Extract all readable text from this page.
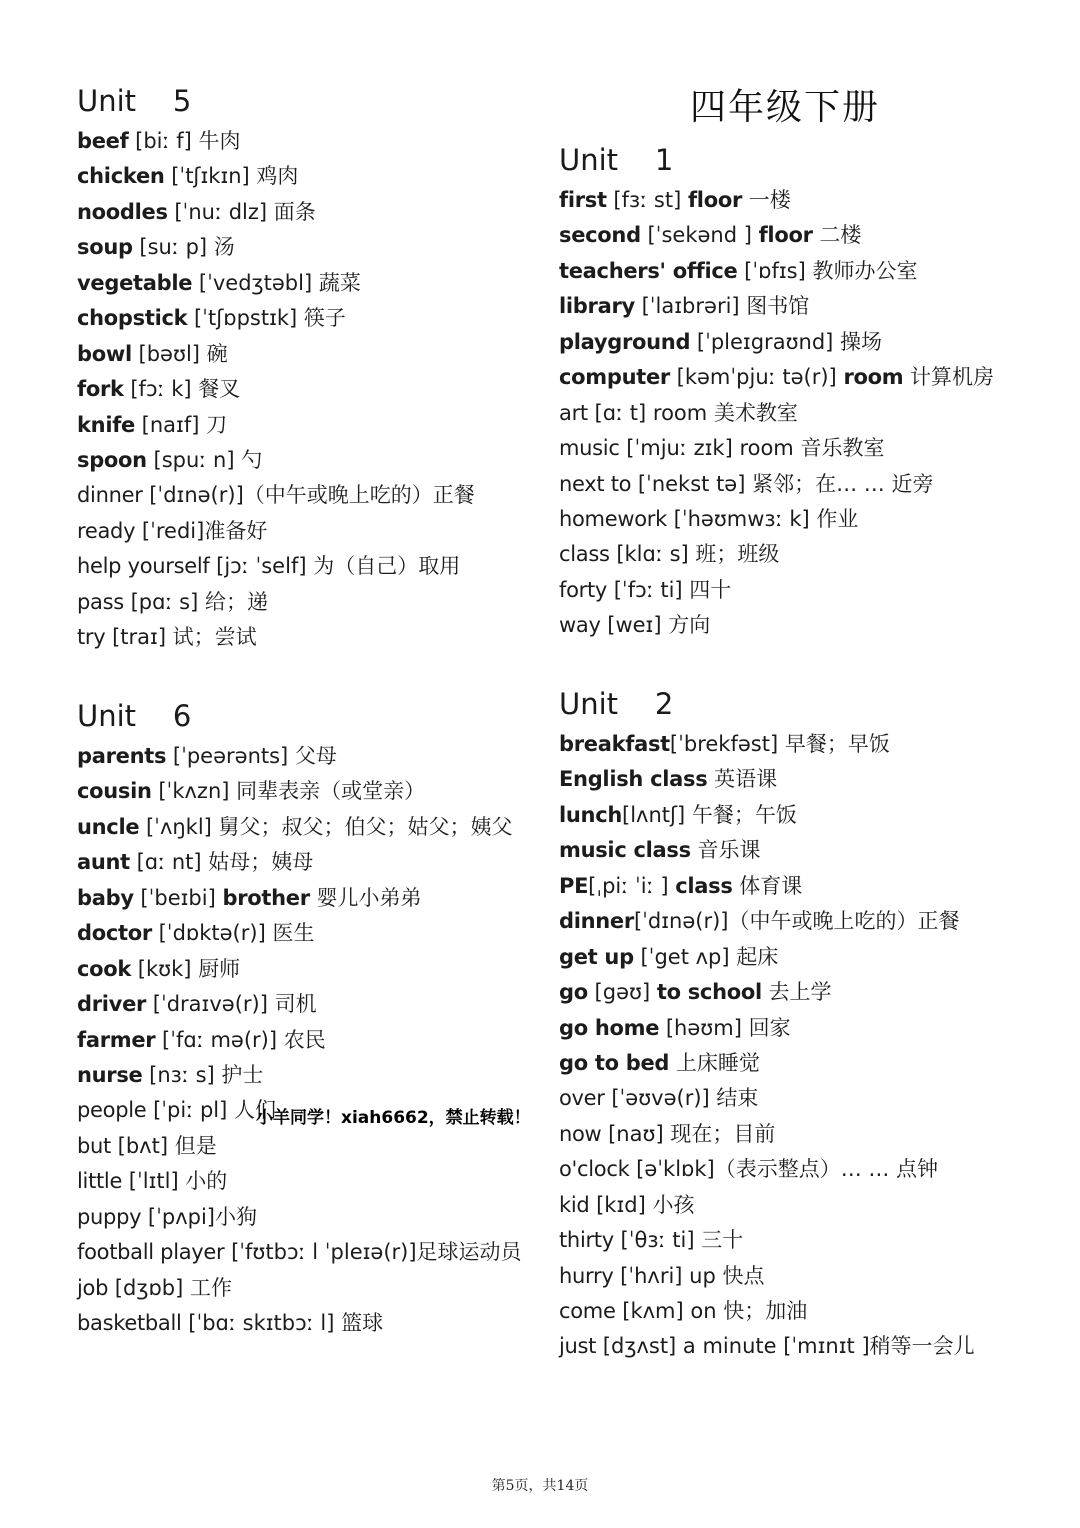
四年级下册
Unit    5
beef [biː f] 牛肉
chicken [ˈtʃɪkɪn] 鸡肉
noodles [ˈnuː dlz] 面条
soup [suː p] 汤
vegetable [ˈvedʒtəbl] 蔬菜
chopstick [ˈtʃɒpstɪk] 筷子
bowl [bəʊl] 碗
fork [fɔː k] 餐叉
knife [naɪf] 刀
spoon [spuː n] 勺
dinner [ˈdɪnə(r)]（中午或晚上吃的）正餐
ready [ˈredi]准备好
help yourself [jɔː ˈself] 为（自己）取用
pass [pɑː s] 给；递
try [traɪ] 试；尝试
Unit    6
parents [ˈpeərənts] 父母
cousin [ˈkʌzn] 同辈表亲（或堂亲）
uncle [ˈʌŋkl] 舅父；叔父；伯父；姑父；姨父
aunt [ɑː nt] 姑母；姨母
baby [ˈbeɪbi] brother 婴儿小弟弟
doctor [ˈdɒktə(r)] 医生
cook [kʊk] 厨师
driver [ˈdraɪvə(r)] 司机
farmer [ˈfɑː mə(r)] 农民
nurse [nɜː s] 护士
people [ˈpiː pl] 人们
but [bʌt] 但是
little [ˈlɪtl] 小的
puppy [ˈpʌpi]小狗
football player [ˈfʊtbɔː l ˈpleɪə(r)]足球运动员
job [dʒɒb] 工作
basketball [ˈbɑː skɪtbɔː l] 篮球
Unit    1
first [fɜː st] floor 一楼
second [ˈsekənd ] floor 二楼
teachers' office [ˈɒfɪs] 教师办公室
library [ˈlaɪbrəri] 图书馆
playground [ˈpleɪgraʊnd] 操场
computer [kəmˈpjuː tə(r)] room 计算机房
art [ɑː t] room 美术教室
music [ˈmjuː zɪk] room 音乐教室
next to [ˈnekst tə] 紧邻；在… … 近旁
homework [ˈhəʊmwɜː k] 作业
class [klɑː s] 班；班级
forty [ˈfɔː ti] 四十
way [weɪ] 方向
Unit    2
breakfast[ˈbrekfəst] 早餐；早饭
English class 英语课
lunch[lʌntʃ] 午餐；午饭
music class 音乐课
PE[ˌpiː ˈiː ] class 体育课
dinner[ˈdɪnə(r)]（中午或晚上吃的）正餐
get up [ˈget ʌp] 起床
go [gəʊ] to school 去上学
go home [həʊm] 回家
go to bed 上床睡觉
over [ˈəʊvə(r)] 结束
now [naʊ] 现在；目前
o'clock [əˈklɒk]（表示整点）… … 点钟
kid [kɪd] 小孩
thirty [ˈθɜː ti] 三十
hurry [ˈhʌri] up 快点
come [kʌm] on 快；加油
just [dʒʌst] a minute [ˈmɪnɪt ]稍等一会儿
小羊同学！xiah6662，禁止转载！
第5页，共14页
